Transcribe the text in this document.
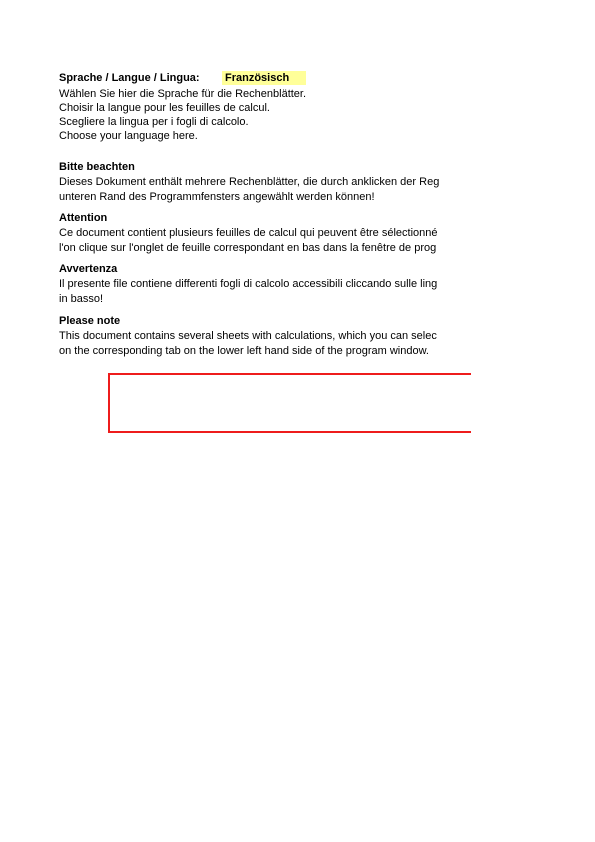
Sprache / Langue / Lingua: Französisch
Wählen Sie hier die Sprache für die Rechenblätter.
Choisir la langue pour les feuilles de calcul.
Scegliere la lingua per i fogli di calcolo.
Choose your language here.
Bitte beachten
Dieses Dokument enthält mehrere Rechenblätter, die durch anklicken der Reg
unteren Rand des Programmfensters angewählt werden können!
Attention
Ce document contient plusieurs feuilles de calcul qui peuvent être sélectionné
l'on clique sur l'onglet de feuille correspondant en bas dans la fenêtre de prog
Avvertenza
Il presente file contiene differenti fogli di calcolo accessibili cliccando sulle ling
in basso!
Please note
This document contains several sheets with calculations, which you can selec
on the corresponding tab on the lower left hand side of the program window.
